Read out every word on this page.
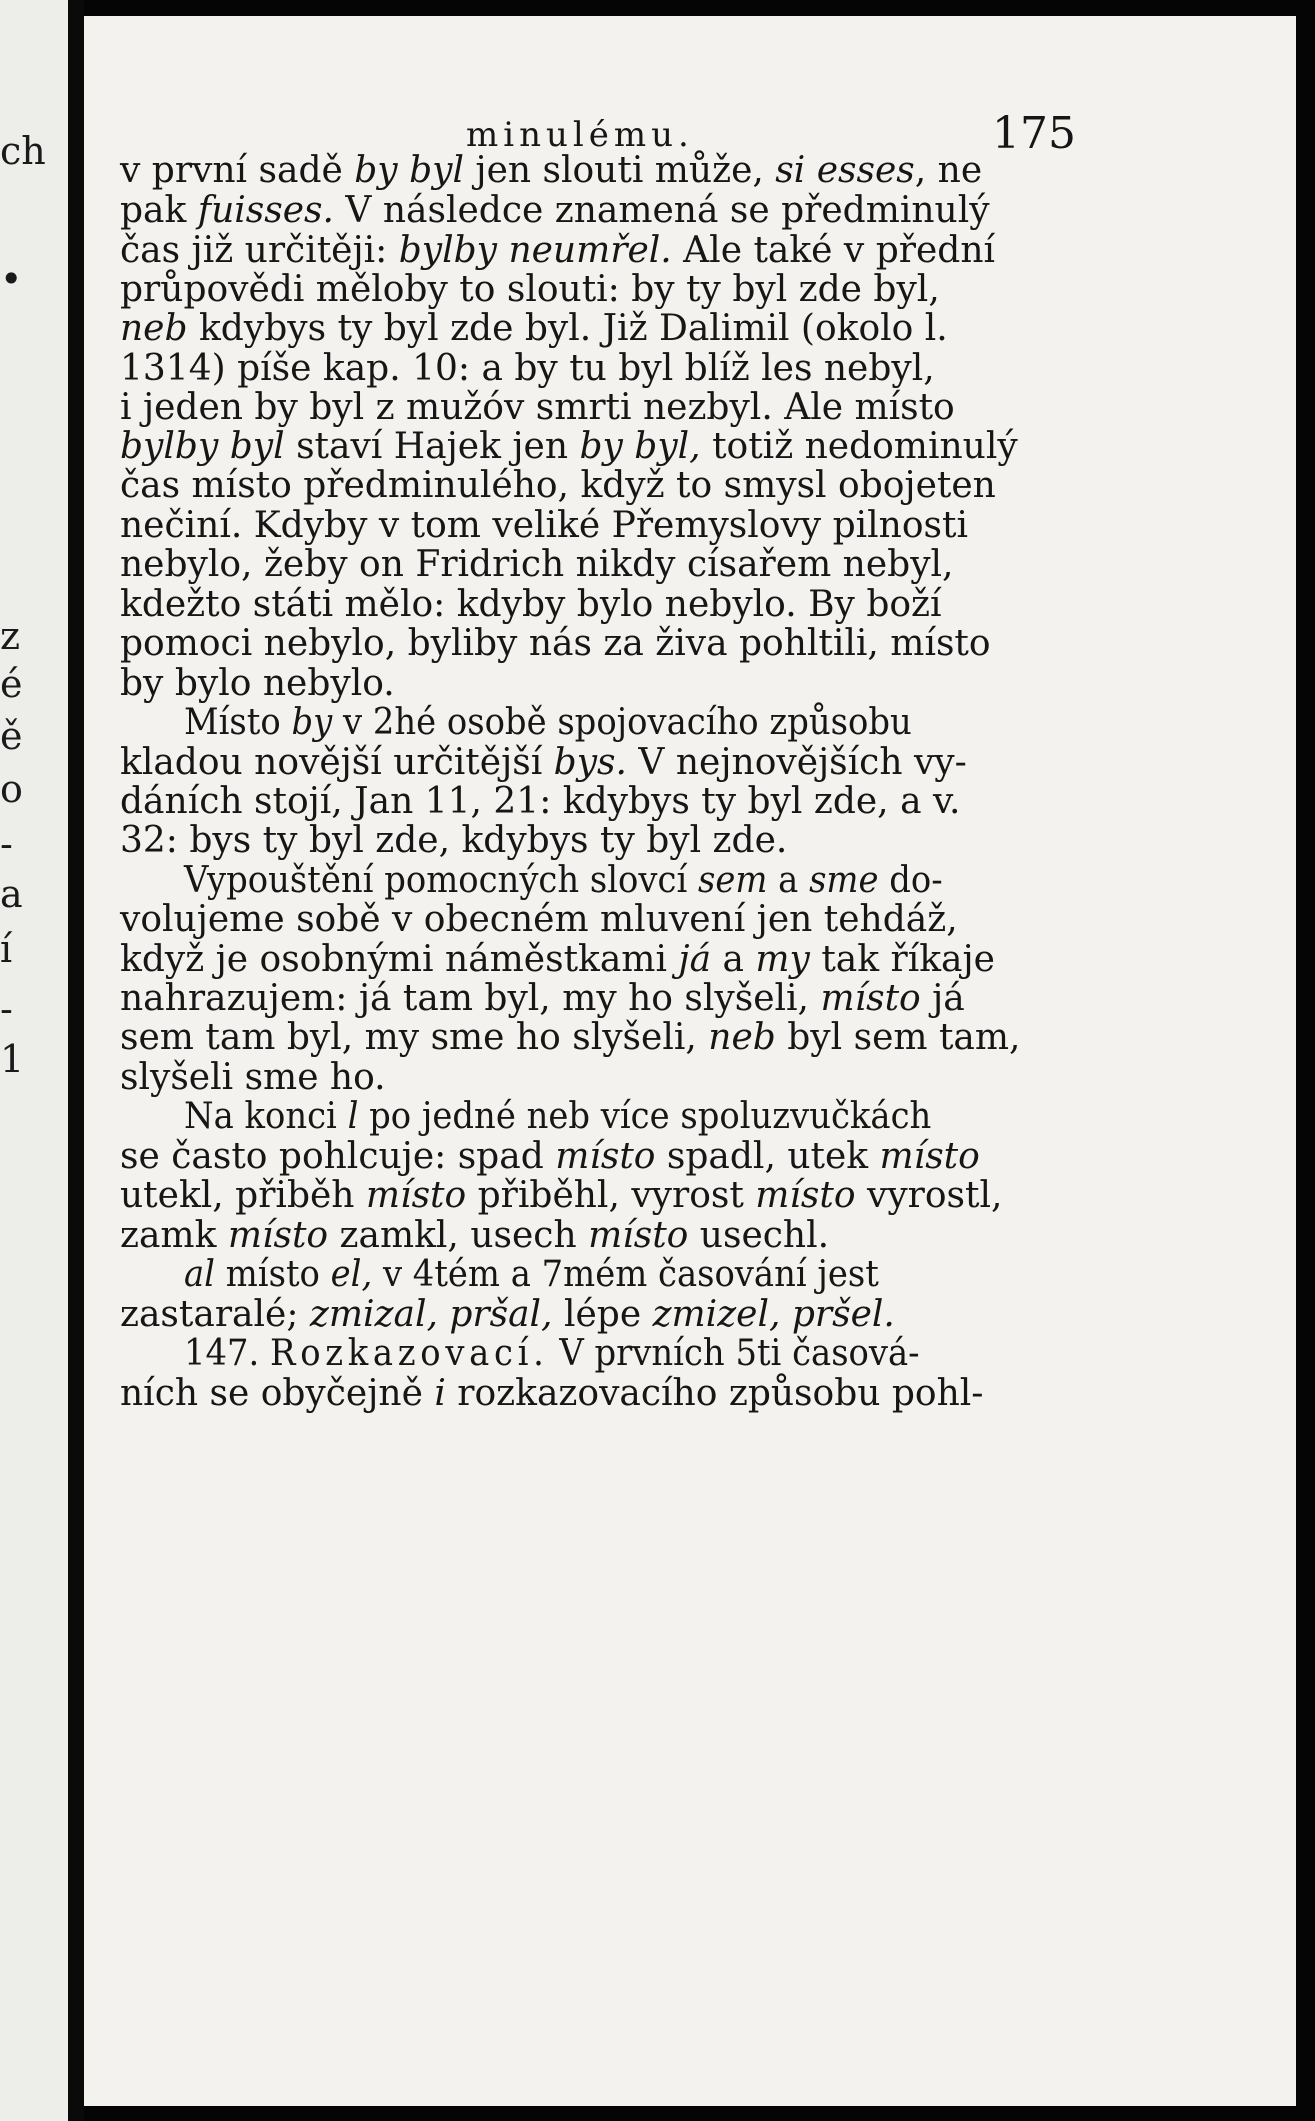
ch
•
z
é
ě
o
-
a
í
-
1
minulému.	175
v první sadě by byl jen slouti může, si esses, ne
pak fuisses. V následce znamená se předminulý
čas již určitěji: bylby neumřel. Ale také v přední
průpovědi měloby to slouti: by ty byl zde byl,
neb kdybys ty byl zde byl. Již Dalimil (okolo l.
1314) píše kap. 10: a by tu byl blíž les nebyl,
i jeden by byl z mužóv smrti nezbyl. Ale místo
bylby byl staví Hajek jen by byl, totiž nedominulý
čas místo předminulého, když to smysl obojeten
nečiní. Kdyby v tom veliké Přemyslovy pilnosti
nebylo, žeby on Fridrich nikdy císařem nebyl,
kdežto státi mělo: kdyby bylo nebylo. By boží
pomoci nebylo, byliby nás za živa pohltili, místo
by bylo nebylo.
Místo by v 2hé osobě spojovacího způsobu
kladou novější určitější bys. V nejnovějších vy-
dáních stojí, Jan 11, 21: kdybys ty byl zde, a v.
32: bys ty byl zde, kdybys ty byl zde.
Vypouštění pomocných slovcí sem a sme do-
volujeme sobě v obecném mluvení jen tehdáž,
když je osobnými náměstkami já a my tak říkaje
nahrazujem: já tam byl, my ho slyšeli, místo já
sem tam byl, my sme ho slyšeli, neb byl sem tam,
slyšeli sme ho.
Na konci l po jedné neb více spoluzvučkách
se často pohlcuje: spad místo spadl, utek místo
utekl, přiběh místo přiběhl, vyrost místo vyrostl,
zamk místo zamkl, usech místo usechl.
al místo el, v 4tém a 7mém časování jest
zastaralé; zmizal, pršal, lépe zmizel, pršel.
147. Rozkazovací. V prvních 5ti časová-
ních se obyčejně i rozkazovacího způsobu pohl-
